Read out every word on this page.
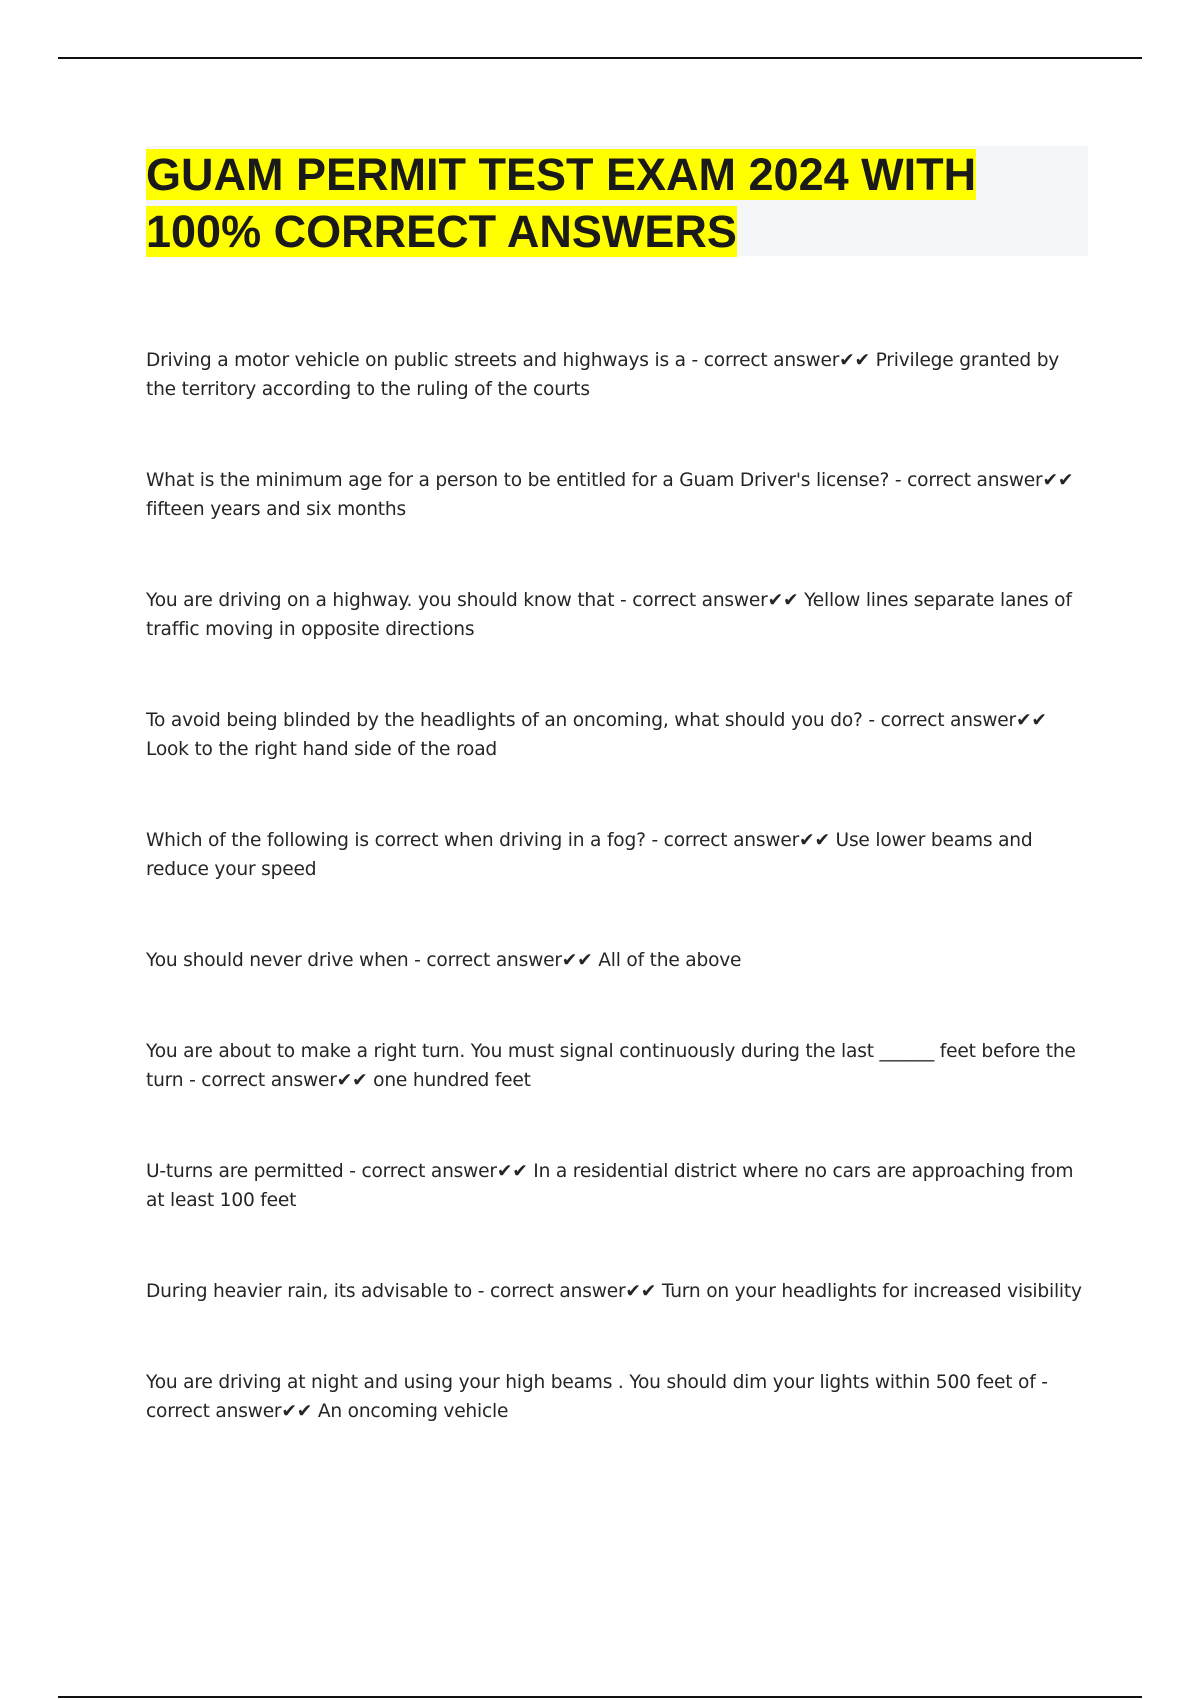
GUAM PERMIT TEST EXAM 2024 WITH 100% CORRECT ANSWERS

Driving a motor vehicle on public streets and highways is a - correct answer✔✔ Privilege granted by the territory according to the ruling of the courts

What is the minimum age for a person to be entitled for a Guam Driver's license? - correct answer✔✔ fifteen years and six months

You are driving on a highway. you should know that - correct answer✔✔ Yellow lines separate lanes of traffic moving in opposite directions

To avoid being blinded by the headlights of an oncoming, what should you do? - correct answer✔✔ Look to the right hand side of the road

Which of the following is correct when driving in a fog? - correct answer✔✔ Use lower beams and reduce your speed

You should never drive when - correct answer✔✔ All of the above

You are about to make a right turn. You must signal continuously during the last ______ feet before the turn - correct answer✔✔ one hundred feet

U-turns are permitted - correct answer✔✔ In a residential district where no cars are approaching from at least 100 feet

During heavier rain, its advisable to - correct answer✔✔ Turn on your headlights for increased visibility

You are driving at night and using your high beams . You should dim your lights within 500 feet of - correct answer✔✔ An oncoming vehicle
